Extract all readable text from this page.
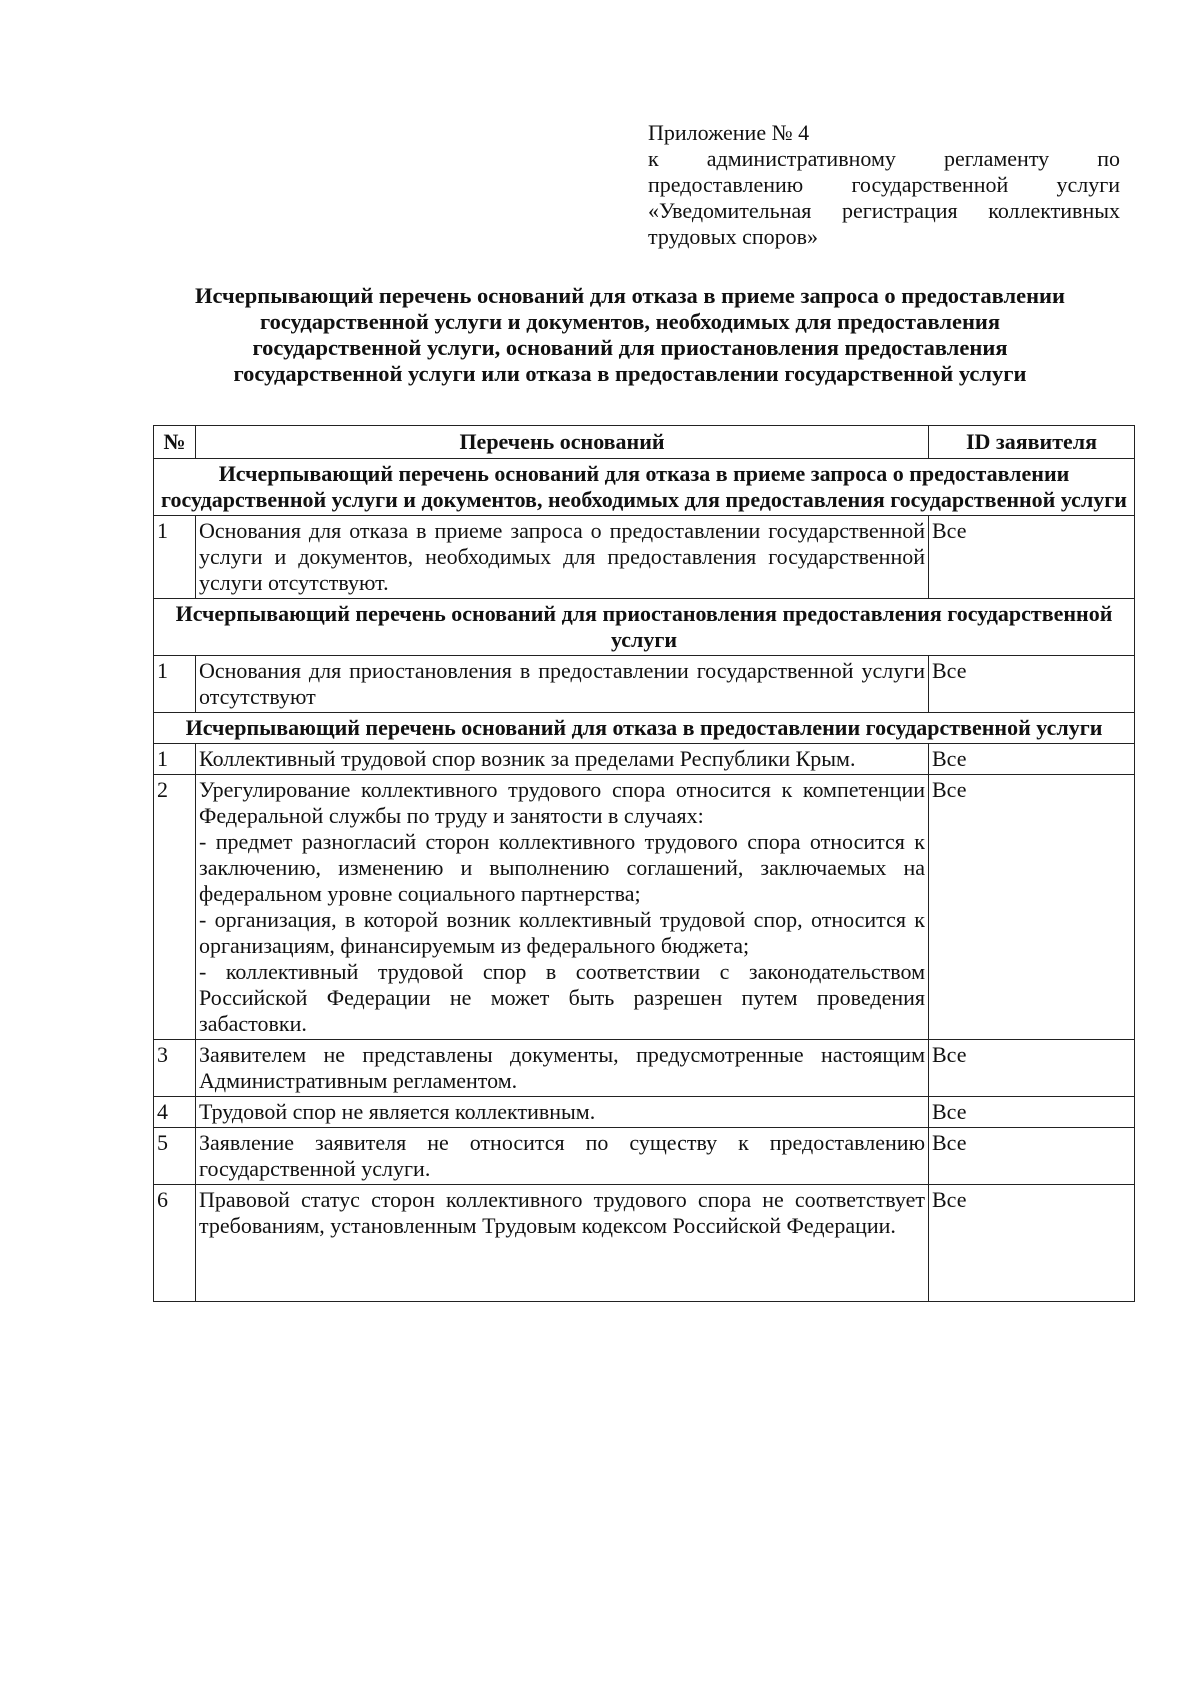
Приложение № 4
к административному регламенту по
предоставлению государственной услуги
«Уведомительная регистрация коллективных
трудовых споров»
Исчерпывающий перечень оснований для отказа в приеме запроса о предоставлении
государственной услуги и документов, необходимых для предоставления
государственной услуги, оснований для приостановления предоставления
государственной услуги или отказа в предоставлении государственной услуги
№	Перечень оснований	ID заявителя
Исчерпывающий перечень оснований для отказа в приеме запроса о предоставлении государственной услуги и документов, необходимых для предоставления государственной услуги		
1	Основания для отказа в приеме запроса о предоставлении государственной услуги и документов, необходимых для предоставления государственной услуги отсутствуют.	Все
Исчерпывающий перечень оснований для приостановления предоставления государственной услуги		
1	Основания для приостановления в предоставлении государственной услуги отсутствуют	Все
Исчерпывающий перечень оснований для отказа в предоставлении государственной услуги		
1	Коллективный трудовой спор возник за пределами Республики Крым.	Все
2	Урегулирование коллективного трудового спора относится к компетенции Федеральной службы по труду и занятости в случаях:

- предмет разногласий сторон коллективного трудового спора относится к заключению, изменению и выполнению соглашений, заключаемых на федеральном уровне социального партнерства;

- организация, в которой возник коллективный трудовой спор, относится к организациям, финансируемым из федерального бюджета;

- коллективный трудовой спор в соответствии с законодательством Российской Федерации не может быть разрешен путем проведения забастовки.	Все
3	Заявителем не представлены документы, предусмотренные настоящим Административным регламентом.	Все
4	Трудовой спор не является коллективным.	Все
5	Заявление заявителя не относится по существу к предоставлению государственной услуги.	Все
6	Правовой статус сторон коллективного трудового спора не соответствует требованиям, установленным Трудовым кодексом Российской Федерации.	Все
